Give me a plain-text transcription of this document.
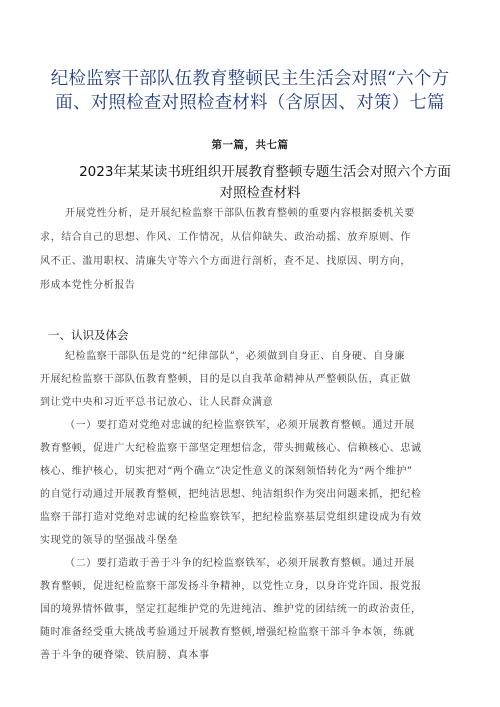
纪检监察干部队伍教育整顿民主生活会对照“六个方
面、对照检查对照检查材料（含原因、对策）七篇
第一篇，共七篇
2023年某某读书班组织开展教育整顿专题生活会对照六个方面
对照检查材料
开展党性分析，是开展纪检监察干部队伍教育整顿的重要内容根据委机关要
求，结合自己的思想、作风、工作情况，从信仰缺失、政治动摇、放弃原则、作
风不正、滥用职权、清廉失守等六个方面进行剖析，查不足、找原因、明方向，
形成本党性分析报告
一、认识及体会
纪检监察干部队伍是党的“纪律部队”，必须做到自身正、自身硬、自身廉
开展纪检监察干部队伍教育整顿，目的是以自我革命精神从严整顿队伍，真正做
到让党中央和习近平总书记放心、让人民群众满意
（一）要打造对党绝对忠诚的纪检监察铁军，必须开展教育整顿。通过开展
教育整顿，促进广大纪检监察干部坚定理想信念，带头拥戴核心、信赖核心、忠诚
核心、维护核心，切实把对“两个确立”决定性意义的深刻领悟转化为“两个维护”
的自觉行动通过开展教育整顿，把纯洁思想、纯洁组织作为突出问题来抓，把纪检
监察干部打造对党绝对忠诚的纪检监察铁军，把纪检监察基层党组织建设成为有效
实现党的领导的坚强战斗堡垒
（二）要打造敢于善于斗争的纪检监察铁军，必须开展教育整顿。通过开展
教育整顿，促进纪检监察干部发扬斗争精神，以党性立身，以身许党许国、报党报
国的境界情怀做事，坚定扛起维护党的先进纯洁、维护党的团结统一的政治责任，
随时准备经受重大挑战考验通过开展教育整顿,增强纪检监察干部斗争本领，练就
善于斗争的硬脊梁、铁肩膀、真本事
